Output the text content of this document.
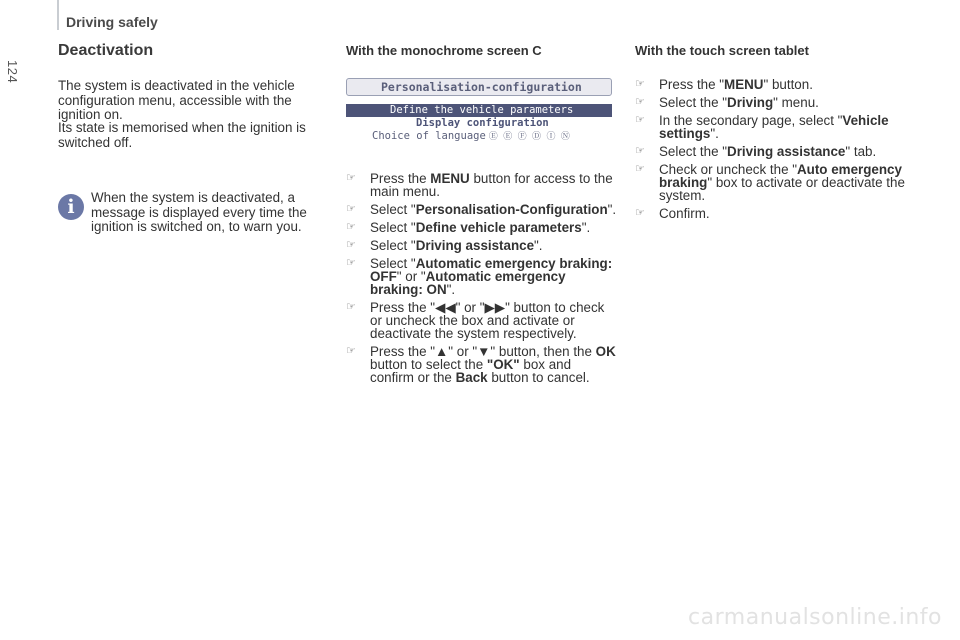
Driving safely
124
Deactivation

The system is deactivated in the vehicle configuration menu, accessible with the ignition on.

Its state is memorised when the ignition is switched off.

i	When the system is deactivated, a message is displayed every time the ignition is switched on, to warn you.
With the monochrome screen C
Personalisation-configuration
Define the vehicle parameters
Display configuration
Choice of language Ⓔ Ⓔ Ⓕ Ⓓ Ⓘ Ⓝ
☞ Press the MENU button for access to the main menu.
☞ Select "Personalisation-Configuration".
☞ Select "Define vehicle parameters".
☞ Select "Driving assistance".
☞ Select "Automatic emergency braking: OFF" or "Automatic emergency braking: ON".
☞ Press the "◀◀" or "▶▶" button to check or uncheck the box and activate or deactivate the system respectively.
☞ Press the "▲" or "▼" button, then the OK button to select the "OK" box and confirm or the Back button to cancel.
With the touch screen tablet
☞ Press the "MENU" button.
☞ Select the "Driving" menu.
☞ In the secondary page, select "Vehicle settings".
☞ Select the "Driving assistance" tab.
☞ Check or uncheck the "Auto emergency braking" box to activate or deactivate the system.
☞ Confirm.
carmanualsonline.info
